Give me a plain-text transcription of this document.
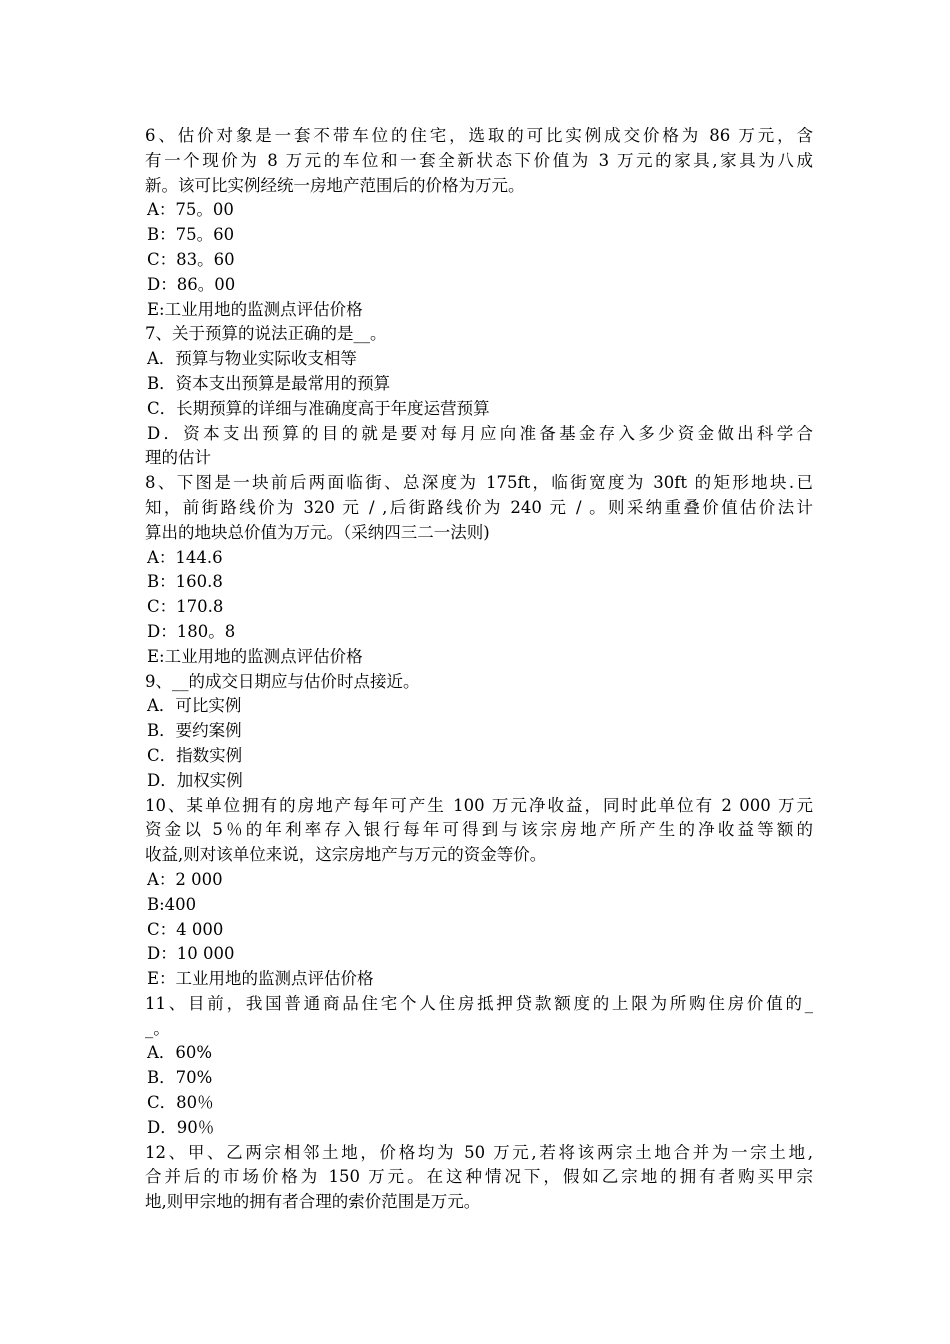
6、估价对象是一套不带车位的住宅，选取的可比实例成交价格为 86 万元，含
有一个现价为 8 万元的车位和一套全新状态下价值为 3 万元的家具,家具为八成
新。该可比实例经统一房地产范围后的价格为万元。
A：75。00
B：75。60
C：83。60
D：86。00
E:工业用地的监测点评估价格
7、关于预算的说法正确的是__。
A．预算与物业实际收支相等
B．资本支出预算是最常用的预算
C．长期预算的详细与准确度高于年度运营预算
D．资本支出预算的目的就是要对每月应向准备基金存入多少资金做出科学合
理的估计
8、下图是一块前后两面临街、总深度为 175ft，临街宽度为 30ft 的矩形地块.已
知，前街路线价为 320 元 / ,后街路线价为 240 元 / 。则采纳重叠价值估价法计
算出的地块总价值为万元。（采纳四三二一法则)
A：144.6
B：160.8
C：170.8
D：180。8
E:工业用地的监测点评估价格
9、__的成交日期应与估价时点接近。
A．可比实例
B．要约案例
C．指数实例
D．加权实例
10、某单位拥有的房地产每年可产生 100 万元净收益，同时此单位有 2 000 万元
资金以 5％的年利率存入银行每年可得到与该宗房地产所产生的净收益等额的
收益,则对该单位来说，这宗房地产与万元的资金等价。
A：2 000
B:400
C：4 000
D：10 000
E：工业用地的监测点评估价格
11、目前，我国普通商品住宅个人住房抵押贷款额度的上限为所购住房价值的_
_。
A．60%
B．70%
C．80％
D．90％
12、甲、乙两宗相邻土地，价格均为 50 万元,若将该两宗土地合并为一宗土地,
合并后的市场价格为 150 万元。在这种情况下，假如乙宗地的拥有者购买甲宗
地,则甲宗地的拥有者合理的索价范围是万元。
